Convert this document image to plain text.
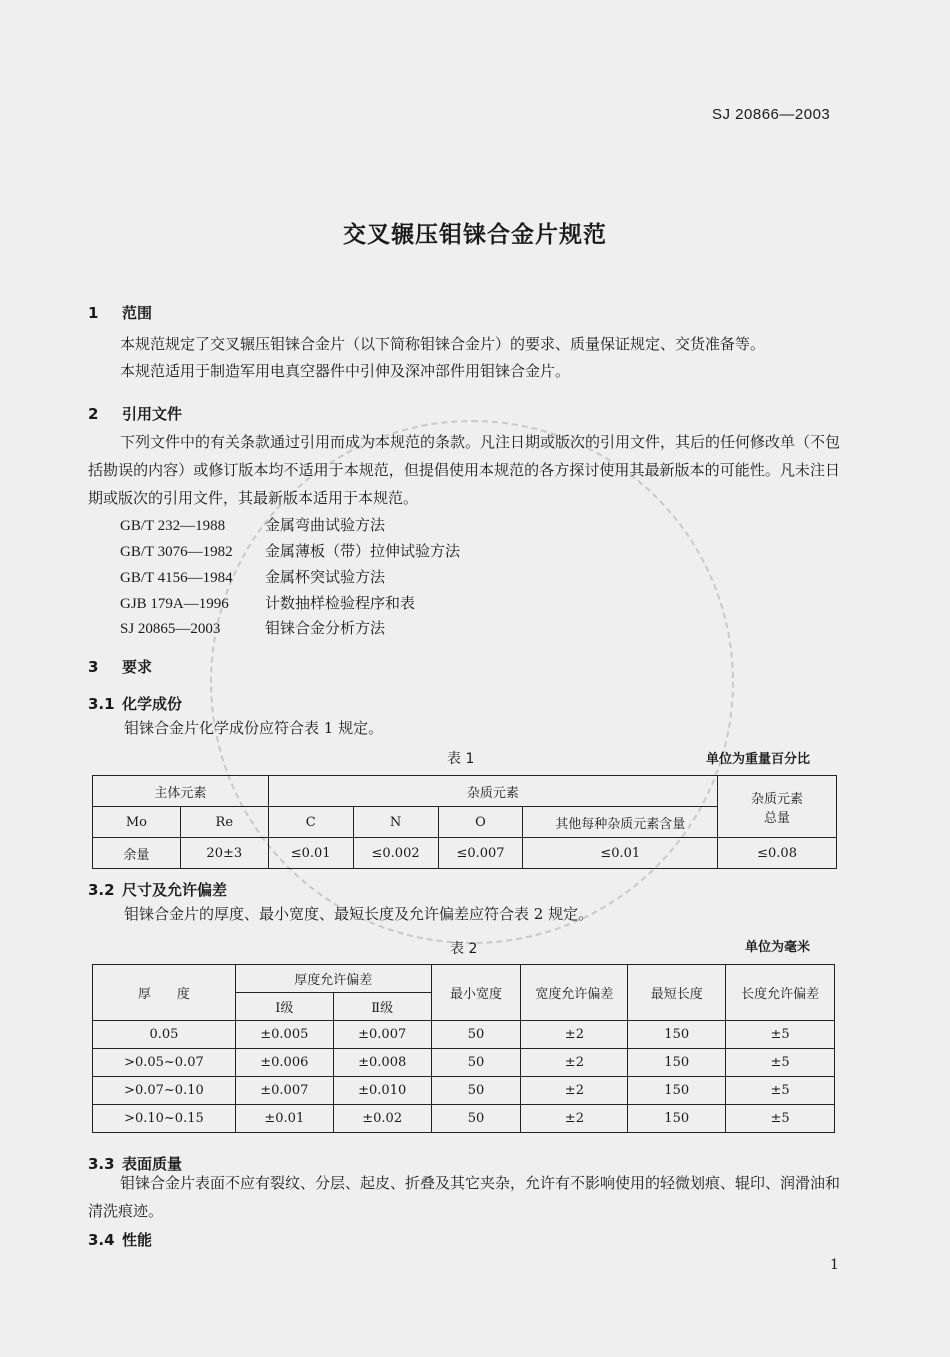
SJ 20866—2003
交叉辗压钼铼合金片规范
1 范围
本规范规定了交叉辗压钼铼合金片（以下简称钼铼合金片）的要求、质量保证规定、交货准备等。
本规范适用于制造军用电真空器件中引伸及深冲部件用钼铼合金片。
2 引用文件
下列文件中的有关条款通过引用而成为本规范的条款。凡注日期或版次的引用文件，其后的任何修改单（不包括勘误的内容）或修订版本均不适用于本规范，但提倡使用本规范的各方探讨使用其最新版本的可能性。凡未注日期或版次的引用文件，其最新版本适用于本规范。
GB/T 232—1988	金属弯曲试验方法
GB/T 3076—1982 金属薄板（带）拉伸试验方法
GB/T 4156—1984 金属杯突试验方法
GJB 179A—1996 计数抽样检验程序和表
SJ 20865—2003	钼铼合金分析方法
3 要求
3.1 化学成份
钼铼合金片化学成份应符合表 1 规定。
表 1	单位为重量百分比
主体元素		杂质元素				杂质元素
总量

Mo	Re	C	N	O	其他每种杂质元素含量	
余量	20±3	≤0.01	≤0.002	≤0.007	≤0.01	≤0.08
3.2 尺寸及允许偏差
钼铼合金片的厚度、最小宽度、最短长度及允许偏差应符合表 2 规定。
表 2	单位为毫米
厚　　度	厚度允许偏差		最小宽度	宽度允许偏差	最短长度	长度允许偏差
	Ⅰ级	Ⅱ级				
0.05	±0.005	±0.007	50	±2	150	±5
>0.05~0.07	±0.006	±0.008	50	±2	150	±5
>0.07~0.10	±0.007	±0.010	50	±2	150	±5
>0.10~0.15	±0.01	±0.02	50	±2	150	±5
3.3 表面质量
钼铼合金片表面不应有裂纹、分层、起皮、折叠及其它夹杂，允许有不影响使用的轻微划痕、辊印、润滑油和清洗痕迹。
3.4 性能
1
